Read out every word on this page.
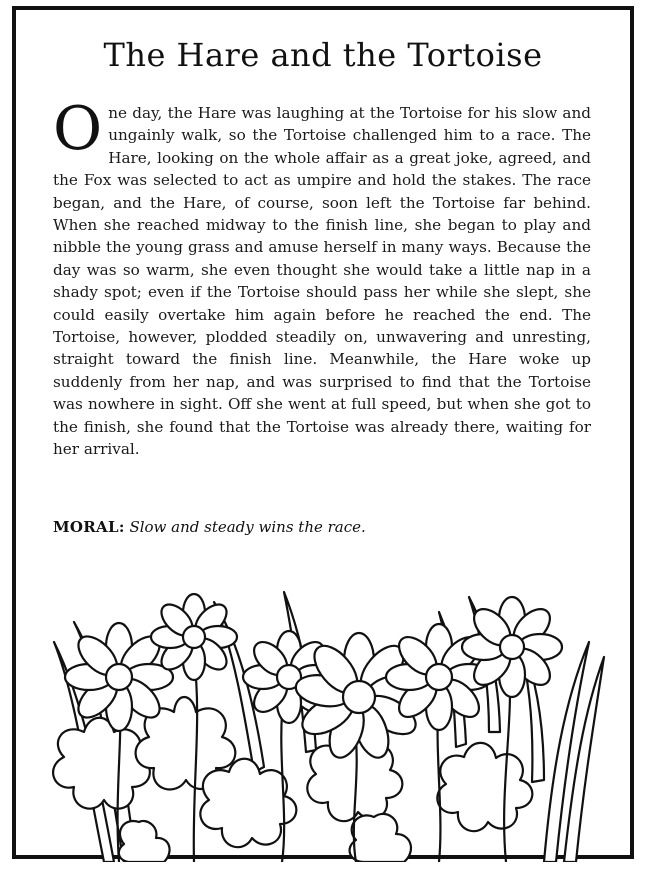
The Hare and the Tortoise

One day, the Hare was laughing at the Tortoise for his slow and ungainly walk, so the Tortoise challenged him to a race. The Hare, looking on the whole affair as a great joke, agreed, and the Fox was selected to act as umpire and hold the stakes. The race began, and the Hare, of course, soon left the Tortoise far behind. When she reached midway to the finish line, she began to play and nibble the young grass and amuse herself in many ways. Because the day was so warm, she even thought she would take a little nap in a shady spot; even if the Tortoise should pass her while she slept, she could easily overtake him again before he reached the end. The Tortoise, however, plodded steadily on, unwavering and unresting, straight toward the finish line. Meanwhile, the Hare woke up suddenly from her nap, and was surprised to find that the Tortoise was nowhere in sight. Off she went at full speed, but when she got to the finish, she found that the Tortoise was already there, waiting for her arrival.

MORAL: Slow and steady wins the race.
